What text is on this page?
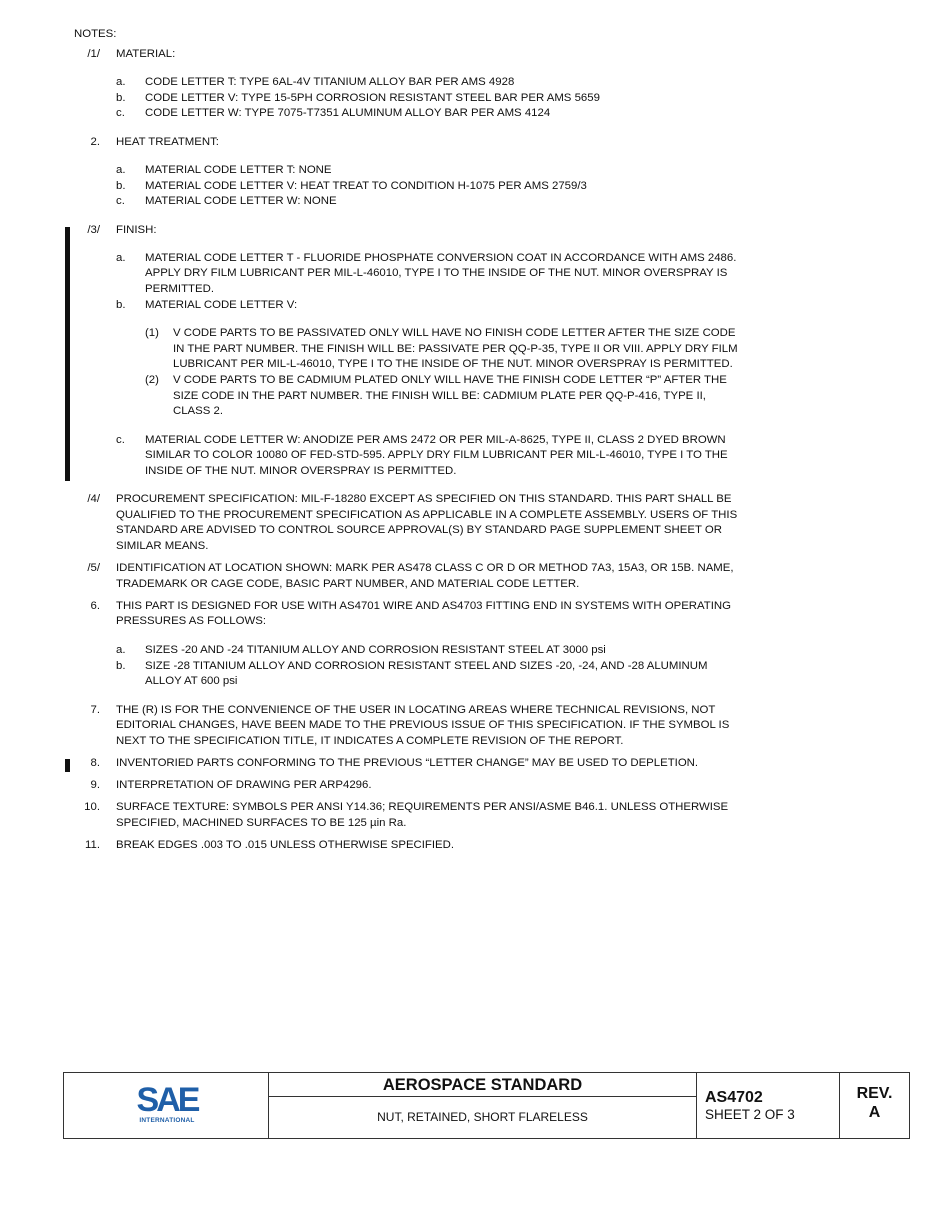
NOTES:
/1/ MATERIAL:
a. CODE LETTER T: TYPE 6AL-4V TITANIUM ALLOY BAR PER AMS 4928
b. CODE LETTER V: TYPE 15-5PH CORROSION RESISTANT STEEL BAR PER AMS 5659
c. CODE LETTER W: TYPE 7075-T7351 ALUMINUM ALLOY BAR PER AMS 4124
2. HEAT TREATMENT:
a. MATERIAL CODE LETTER T: NONE
b. MATERIAL CODE LETTER V: HEAT TREAT TO CONDITION H-1075 PER AMS 2759/3
c. MATERIAL CODE LETTER W: NONE
/3/ FINISH:
a. MATERIAL CODE LETTER T - FLUORIDE PHOSPHATE CONVERSION COAT IN ACCORDANCE WITH AMS 2486.
APPLY DRY FILM LUBRICANT PER MIL-L-46010, TYPE I TO THE INSIDE OF THE NUT. MINOR OVERSPRAY IS
PERMITTED.
b. MATERIAL CODE LETTER V:
(1) V CODE PARTS TO BE PASSIVATED ONLY WILL HAVE NO FINISH CODE LETTER AFTER THE SIZE CODE
IN THE PART NUMBER. THE FINISH WILL BE: PASSIVATE PER QQ-P-35, TYPE II OR VIII. APPLY DRY FILM
LUBRICANT PER MIL-L-46010, TYPE I TO THE INSIDE OF THE NUT. MINOR OVERSPRAY IS PERMITTED.
(2) V CODE PARTS TO BE CADMIUM PLATED ONLY WILL HAVE THE FINISH CODE LETTER “P” AFTER THE
SIZE CODE IN THE PART NUMBER. THE FINISH WILL BE: CADMIUM PLATE PER QQ-P-416, TYPE II,
CLASS 2.
c. MATERIAL CODE LETTER W: ANODIZE PER AMS 2472 OR PER MIL-A-8625, TYPE II, CLASS 2 DYED BROWN
SIMILAR TO COLOR 10080 OF FED-STD-595. APPLY DRY FILM LUBRICANT PER MIL-L-46010, TYPE I TO THE
INSIDE OF THE NUT. MINOR OVERSPRAY IS PERMITTED.
/4/ PROCUREMENT SPECIFICATION: MIL-F-18280 EXCEPT AS SPECIFIED ON THIS STANDARD. THIS PART SHALL BE
QUALIFIED TO THE PROCUREMENT SPECIFICATION AS APPLICABLE IN A COMPLETE ASSEMBLY. USERS OF THIS
STANDARD ARE ADVISED TO CONTROL SOURCE APPROVAL(S) BY STANDARD PAGE SUPPLEMENT SHEET OR
SIMILAR MEANS.
/5/ IDENTIFICATION AT LOCATION SHOWN: MARK PER AS478 CLASS C OR D OR METHOD 7A3, 15A3, OR 15B. NAME,
TRADEMARK OR CAGE CODE, BASIC PART NUMBER, AND MATERIAL CODE LETTER.
6. THIS PART IS DESIGNED FOR USE WITH AS4701 WIRE AND AS4703 FITTING END IN SYSTEMS WITH OPERATING
PRESSURES AS FOLLOWS:
a. SIZES -20 AND -24 TITANIUM ALLOY AND CORROSION RESISTANT STEEL AT 3000 psi
b. SIZE -28 TITANIUM ALLOY AND CORROSION RESISTANT STEEL AND SIZES -20, -24, AND -28 ALUMINUM
ALLOY AT 600 psi
7. THE (R) IS FOR THE CONVENIENCE OF THE USER IN LOCATING AREAS WHERE TECHNICAL REVISIONS, NOT
EDITORIAL CHANGES, HAVE BEEN MADE TO THE PREVIOUS ISSUE OF THIS SPECIFICATION. IF THE SYMBOL IS
NEXT TO THE SPECIFICATION TITLE, IT INDICATES A COMPLETE REVISION OF THE REPORT.
8. INVENTORIED PARTS CONFORMING TO THE PREVIOUS “LETTER CHANGE” MAY BE USED TO DEPLETION.
9. INTERPRETATION OF DRAWING PER ARP4296.
10. SURFACE TEXTURE: SYMBOLS PER ANSI Y14.36; REQUIREMENTS PER ANSI/ASME B46.1. UNLESS OTHERWISE
SPECIFIED, MACHINED SURFACES TO BE 125 µin Ra.
11. BREAK EDGES .003 TO .015 UNLESS OTHERWISE SPECIFIED.
SAE
INTERNATIONAL
AEROSPACE STANDARD
NUT, RETAINED, SHORT FLARELESS
AS4702
SHEET 2 OF 3
REV.
A
